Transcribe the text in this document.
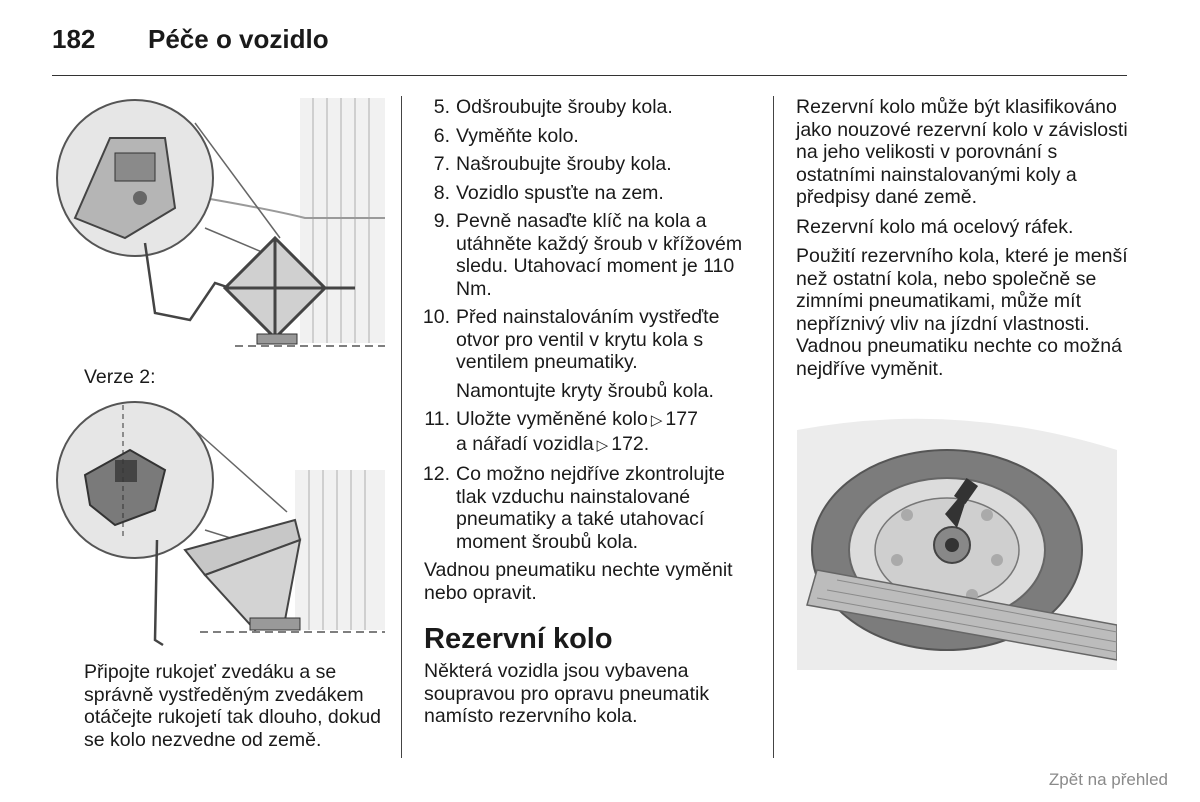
182 Péče o vozidlo
Verze 2:

Připojte rukojeť zvedáku a se správně vystředěným zvedákem otáčejte rukojetí tak dlouho, dokud se kolo nezvedne od země.

5. Odšroubujte šrouby kola.
6. Vyměňte kolo.
7. Našroubujte šrouby kola.
8. Vozidlo spusťte na zem.
9. Pevně nasaďte klíč na kola a utáhněte každý šroub v křížovém sledu. Utahovací moment je 110 Nm.
10. Před nainstalováním vystřeďte otvor pro ventil v krytu kola s ventilem pneumatiky.
Namontujte kryty šroubů kola.
11. Uložte vyměněné kolo ▷ 177
a nářadí vozidla ▷ 172.
12. Co možno nejdříve zkontrolujte tlak vzduchu nainstalované pneumatiky a také utahovací moment šroubů kola.

Vadnou pneumatiku nechte vyměnit nebo opravit.

Rezervní kolo

Některá vozidla jsou vybavena soupravou pro opravu pneumatik namísto rezervního kola.

Rezervní kolo může být klasifikováno jako nouzové rezervní kolo v závislosti na jeho velikosti v porovnání s ostatními nainstalovanými koly a předpisy dané země.

Rezervní kolo má ocelový ráfek.

Použití rezervního kola, které je menší než ostatní kola, nebo společně se zimními pneumatikami, může mít nepříznivý vliv na jízdní vlastnosti. Vadnou pneumatiku nechte co možná nejdříve vyměnit.

Zpět na přehled
